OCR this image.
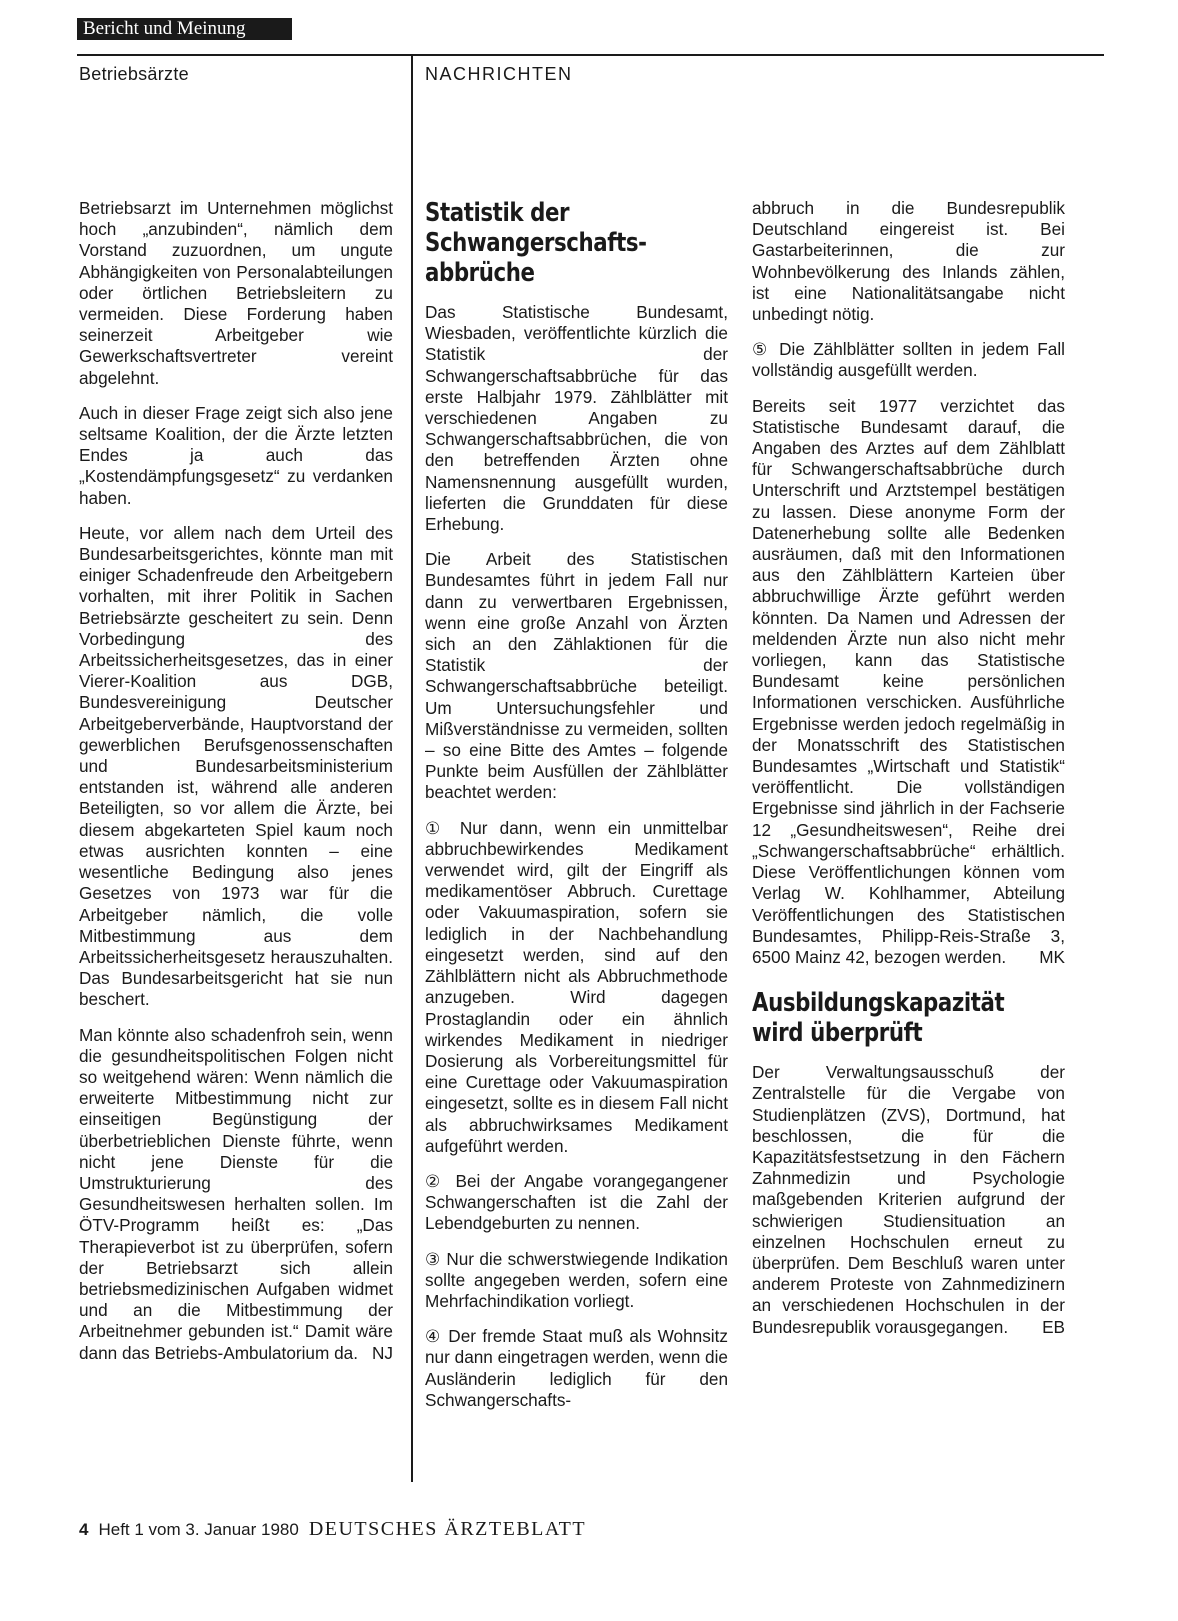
Bericht und Meinung
Betriebsärzte	NACHRICHTEN

Betriebsarzt im Unternehmen möglichst hoch „anzubinden“, nämlich dem Vorstand zuzuordnen, um ungute Abhängigkeiten von Personalabteilungen oder örtlichen Betriebsleitern zu vermeiden. Diese Forderung haben seinerzeit Arbeitgeber wie Gewerkschaftsvertreter vereint abgelehnt.

Auch in dieser Frage zeigt sich also jene seltsame Koalition, der die Ärzte letzten Endes ja auch das „Kostendämpfungsgesetz“ zu verdanken haben.

Heute, vor allem nach dem Urteil des Bundesarbeitsgerichtes, könnte man mit einiger Schadenfreude den Arbeitgebern vorhalten, mit ihrer Politik in Sachen Betriebsärzte gescheitert zu sein. Denn Vorbedingung des Arbeitssicherheitsgesetzes, das in einer Vierer-Koalition aus DGB, Bundesvereinigung Deutscher Arbeitgeberverbände, Hauptvorstand der gewerblichen Berufsgenossenschaften und Bundesarbeitsministerium entstanden ist, während alle anderen Beteiligten, so vor allem die Ärzte, bei diesem abgekarteten Spiel kaum noch etwas ausrichten konnten – eine wesentliche Bedingung also jenes Gesetzes von 1973 war für die Arbeitgeber nämlich, die volle Mitbestimmung aus dem Arbeitssicherheitsgesetz herauszuhalten. Das Bundesarbeitsgericht hat sie nun beschert.

Man könnte also schadenfroh sein, wenn die gesundheitspolitischen Folgen nicht so weitgehend wären: Wenn nämlich die erweiterte Mitbestimmung nicht zur einseitigen Begünstigung der überbetrieblichen Dienste führte, wenn nicht jene Dienste für die Umstrukturierung des Gesundheitswesen herhalten sollen. Im ÖTV-Programm heißt es: „Das Therapieverbot ist zu überprüfen, sofern der Betriebsarzt sich allein betriebsmedizinischen Aufgaben widmet und an die Mitbestimmung der Arbeitnehmer gebunden ist.“ Damit wäre dann das Betriebs-Ambulatorium da. NJ

Statistik der
Schwangerschafts-
abbrüche

Das Statistische Bundesamt, Wiesbaden, veröffentlichte kürzlich die Statistik der Schwangerschaftsabbrüche für das erste Halbjahr 1979. Zählblätter mit verschiedenen Angaben zu Schwangerschaftsabbrüchen, die von den betreffenden Ärzten ohne Namensnennung ausgefüllt wurden, lieferten die Grunddaten für diese Erhebung.

Die Arbeit des Statistischen Bundesamtes führt in jedem Fall nur dann zu verwertbaren Ergebnissen, wenn eine große Anzahl von Ärzten sich an den Zählaktionen für die Statistik der Schwangerschaftsabbrüche beteiligt. Um Untersuchungsfehler und Mißverständnisse zu vermeiden, sollten – so eine Bitte des Amtes – folgende Punkte beim Ausfüllen der Zählblätter beachtet werden:

① Nur dann, wenn ein unmittelbar abbruchbewirkendes Medikament verwendet wird, gilt der Eingriff als medikamentöser Abbruch. Curettage oder Vakuumaspiration, sofern sie lediglich in der Nachbehandlung eingesetzt werden, sind auf den Zählblättern nicht als Abbruchmethode anzugeben. Wird dagegen Prostaglandin oder ein ähnlich wirkendes Medikament in niedriger Dosierung als Vorbereitungsmittel für eine Curettage oder Vakuumaspiration eingesetzt, sollte es in diesem Fall nicht als abbruchwirksames Medikament aufgeführt werden.

② Bei der Angabe vorangegangener Schwangerschaften ist die Zahl der Lebendgeburten zu nennen.

③ Nur die schwerstwiegende Indikation sollte angegeben werden, sofern eine Mehrfachindikation vorliegt.

④ Der fremde Staat muß als Wohnsitz nur dann eingetragen werden, wenn die Ausländerin lediglich für den Schwangerschafts-

abbruch in die Bundesrepublik Deutschland eingereist ist. Bei Gastarbeiterinnen, die zur Wohnbevölkerung des Inlands zählen, ist eine Nationalitätsangabe nicht unbedingt nötig.

⑤ Die Zählblätter sollten in jedem Fall vollständig ausgefüllt werden.

Bereits seit 1977 verzichtet das Statistische Bundesamt darauf, die Angaben des Arztes auf dem Zählblatt für Schwangerschaftsabbrüche durch Unterschrift und Arztstempel bestätigen zu lassen. Diese anonyme Form der Datenerhebung sollte alle Bedenken ausräumen, daß mit den Informationen aus den Zählblättern Karteien über abbruchwillige Ärzte geführt werden könnten. Da Namen und Adressen der meldenden Ärzte nun also nicht mehr vorliegen, kann das Statistische Bundesamt keine persönlichen Informationen verschicken. Ausführliche Ergebnisse werden jedoch regelmäßig in der Monatsschrift des Statistischen Bundesamtes „Wirtschaft und Statistik“ veröffentlicht. Die vollständigen Ergebnisse sind jährlich in der Fachserie 12 „Gesundheitswesen“, Reihe drei „Schwangerschaftsabbrüche“ erhältlich. Diese Veröffentlichungen können vom Verlag W. Kohlhammer, Abteilung Veröffentlichungen des Statistischen Bundesamtes, Philipp-Reis-Straße 3, 6500 Mainz 42, bezogen werden. MK

Ausbildungskapazität
wird überprüft

Der Verwaltungsausschuß der Zentralstelle für die Vergabe von Studienplätzen (ZVS), Dortmund, hat beschlossen, die für die Kapazitätsfestsetzung in den Fächern Zahnmedizin und Psychologie maßgebenden Kriterien aufgrund der schwierigen Studiensituation an einzelnen Hochschulen erneut zu überprüfen. Dem Beschluß waren unter anderem Proteste von Zahnmedizinern an verschiedenen Hochschulen in der Bundesrepublik vorausgegangen. EB

4 Heft 1 vom 3. Januar 1980 DEUTSCHES ÄRZTEBLATT
